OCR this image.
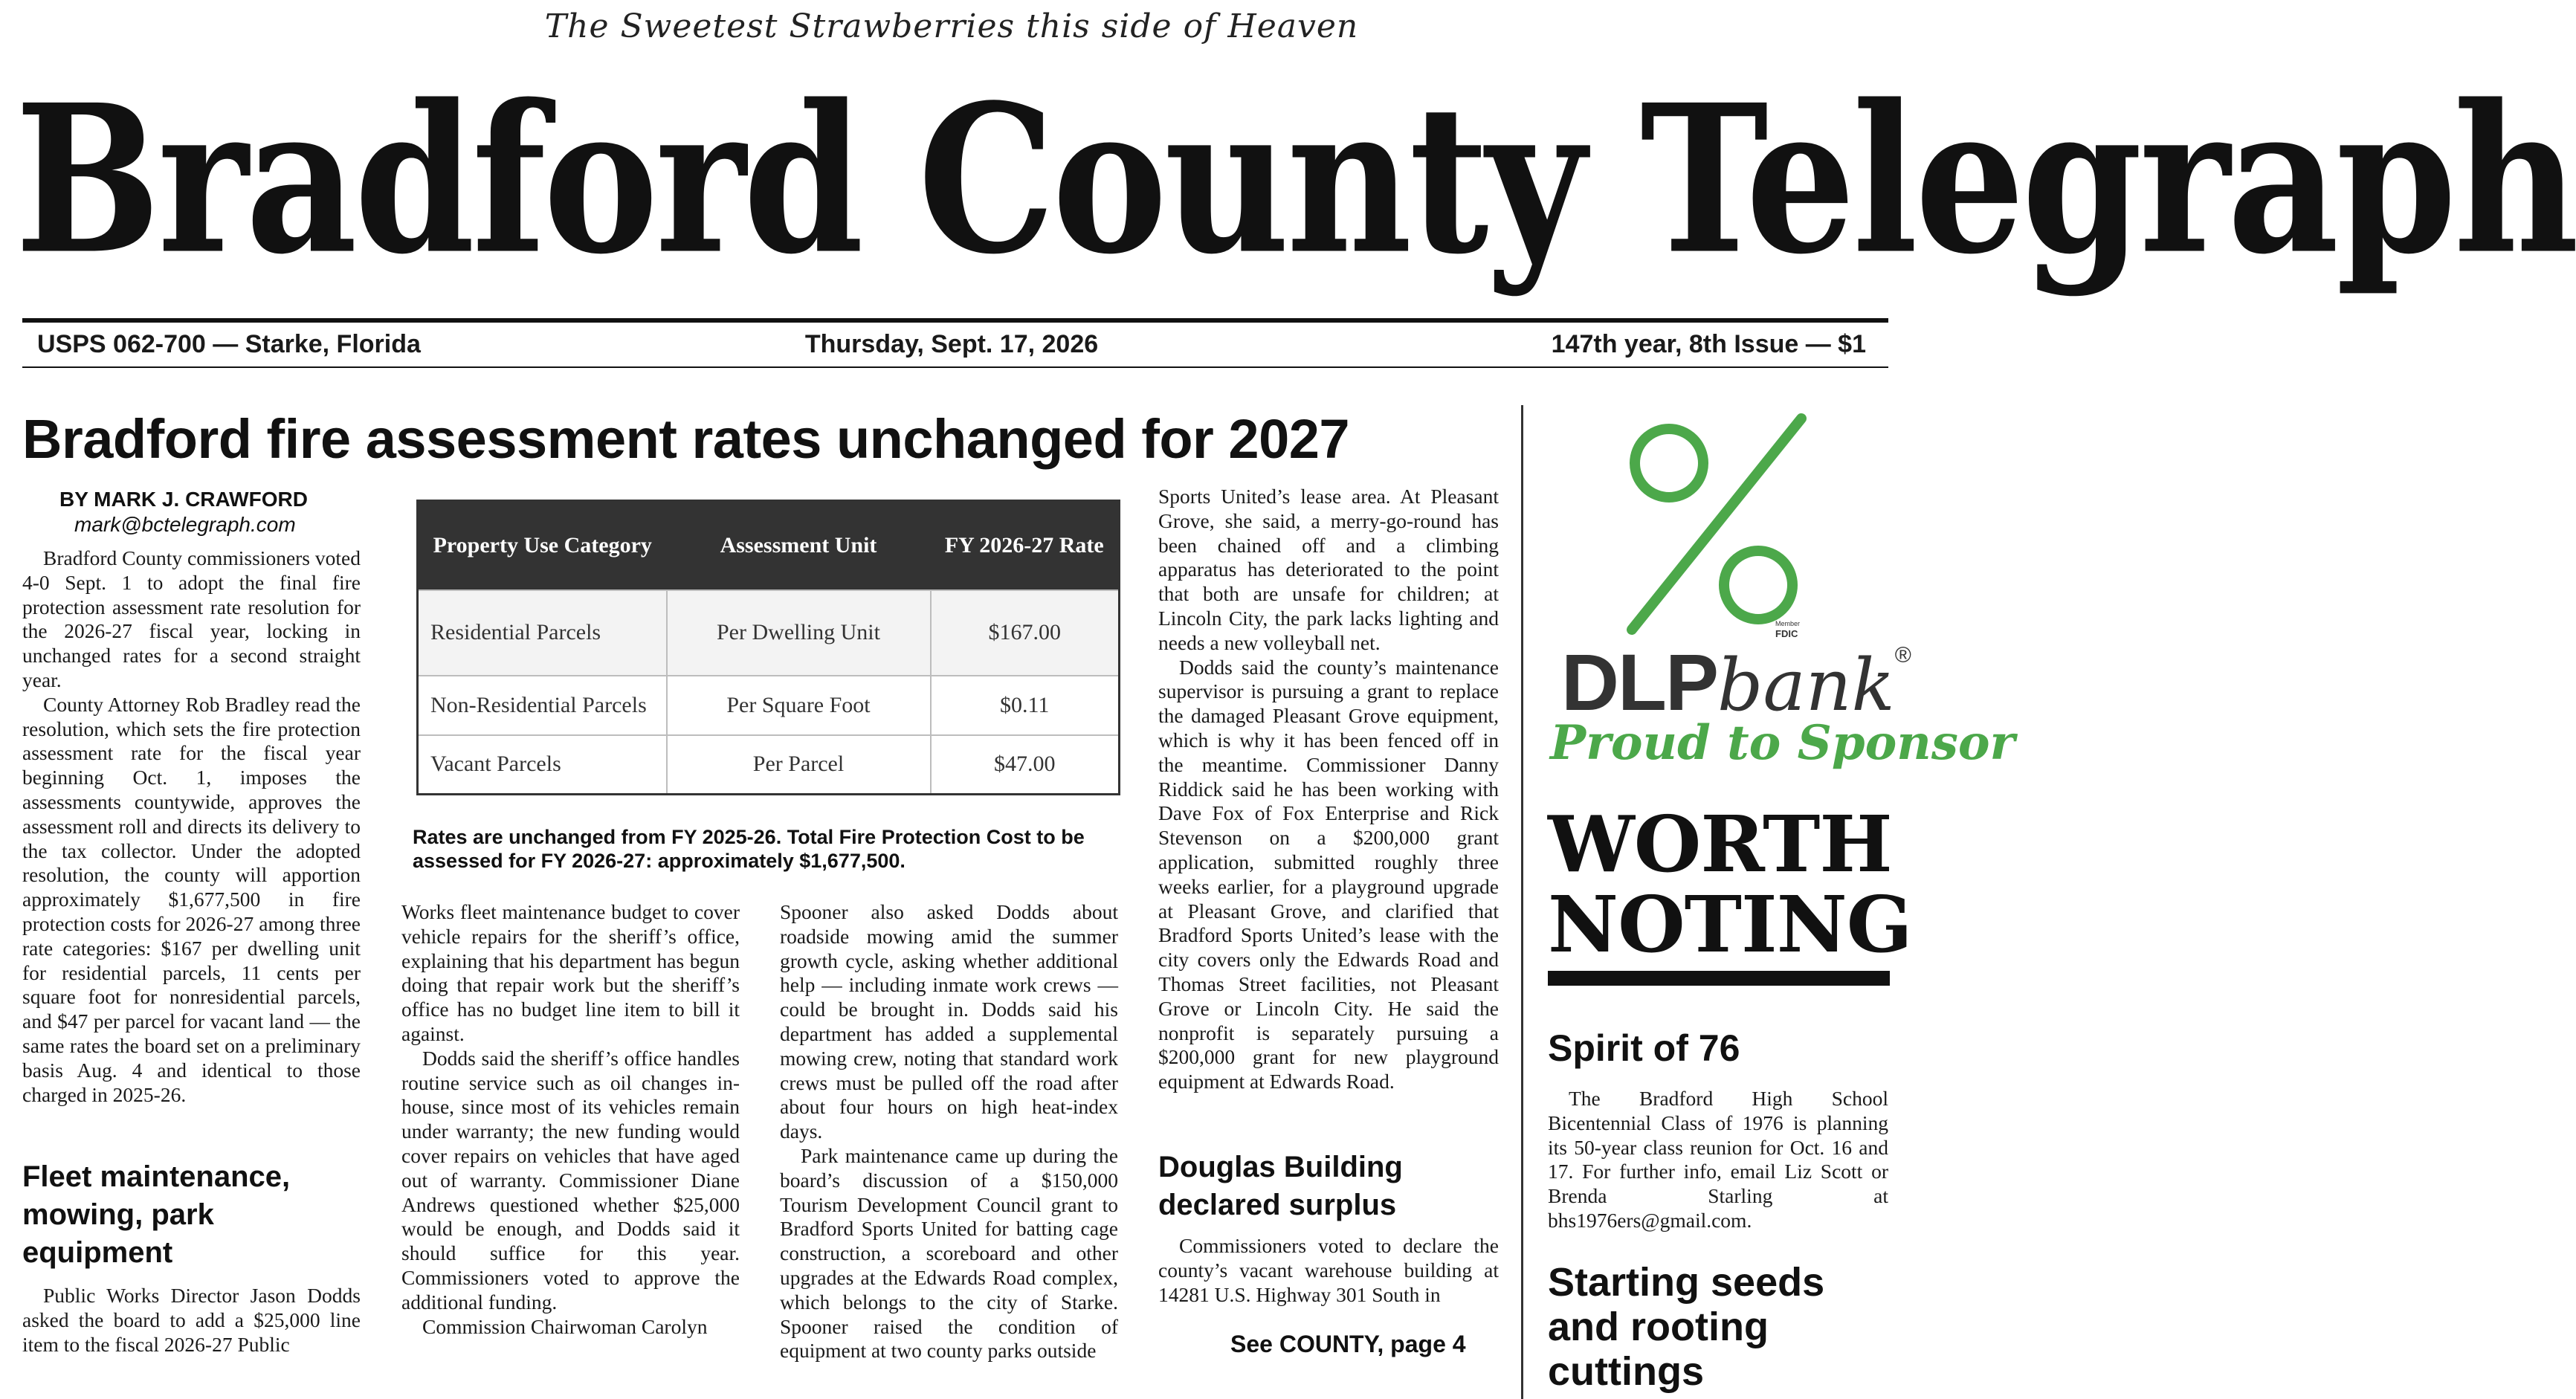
The Sweetest Strawberries this side of Heaven
Bradford County Telegraph
USPS 062-700 — Starke, Florida	Thursday, Sept. 17, 2026	147th year, 8th Issue — $1
Bradford fire assessment rates unchanged for 2027
BY MARK J. CRAWFORD
mark@bctelegraph.com

Bradford County commissioners voted 4-0 Sept. 1 to adopt the final fire protection assessment rate resolution for the 2026-27 fiscal year, locking in unchanged rates for a second straight year.

County Attorney Rob Bradley read the resolution, which sets the fire protection assessment rate for the fiscal year beginning Oct. 1, imposes the assessments countywide, approves the assessment roll and directs its delivery to the tax collector. Under the adopted resolution, the county will apportion approximately $1,677,500 in fire protection costs for 2026-27 among three rate categories: $167 per dwelling unit for residential parcels, 11 cents per square foot for nonresidential parcels, and $47 per parcel for vacant land — the same rates the board set on a preliminary basis Aug. 4 and identical to those charged in 2025-26.

Fleet maintenance, mowing, park equipment

Public Works Director Jason Dodds asked the board to add a $25,000 line item to the fiscal 2026-27 Public

Property Use Category	Assessment Unit	FY 2026-27 Rate
Residential Parcels	Per Dwelling Unit	$167.00
Non-Residential Parcels	Per Square Foot	$0.11
Vacant Parcels	Per Parcel	$47.00
Rates are unchanged from FY 2025-26. Total Fire Protection Cost to be assessed for FY 2026-27: approximately $1,677,500.

Works fleet maintenance budget to cover vehicle repairs for the sheriff’s office, explaining that his department has begun doing that repair work but the sheriff’s office has no budget line item to bill it against.

Dodds said the sheriff’s office handles routine service such as oil changes in-house, since most of its vehicles remain under warranty; the new funding would cover repairs on vehicles that have aged out of warranty. Commissioner Diane Andrews questioned whether $25,000 would be enough, and Dodds said it should suffice for this year. Commissioners voted to approve the additional funding.

Commission Chairwoman Carolyn

Spooner also asked Dodds about roadside mowing amid the summer growth cycle, asking whether additional help — including inmate work crews — could be brought in. Dodds said his department has added a supplemental mowing crew, noting that standard work crews must be pulled off the road after about four hours on high heat-index days.

Park maintenance came up during the board’s discussion of a $150,000 Tourism Development Council grant to Bradford Sports United for batting cage construction, a scoreboard and other upgrades at the Edwards Road complex, which belongs to the city of Starke. Spooner raised the condition of equipment at two county parks outside

Sports United’s lease area. At Pleasant Grove, she said, a merry-go-round has been chained off and a climbing apparatus has deteriorated to the point that both are unsafe for children; at Lincoln City, the park lacks lighting and needs a new volleyball net.

Dodds said the county’s maintenance supervisor is pursuing a grant to replace the damaged Pleasant Grove equipment, which is why it has been fenced off in the meantime. Commissioner Danny Riddick said he has been working with Dave Fox of Fox Enterprise and Rick Stevenson on a $200,000 grant application, submitted roughly three weeks earlier, for a playground upgrade at Pleasant Grove, and clarified that Bradford Sports United’s lease with the city covers only the Edwards Road and Thomas Street facilities, not Pleasant Grove or Lincoln City. He said the nonprofit is separately pursuing a $200,000 grant for new playground equipment at Edwards Road.

Douglas Building declared surplus

Commissioners voted to declare the county’s vacant warehouse building at 14281 U.S. Highway 301 South in

See COUNTY, page 4
Member
FDIC
DLPbank®
Proud to Sponsor
WORTH NOTING
Spirit of 76

The Bradford High School Bicentennial Class of 1976 is planning its 50-year class reunion for Oct. 16 and 17. For further info, email Liz Scott or Brenda Starling at bhs1976ers@gmail.com.

Starting seeds and rooting cuttings
